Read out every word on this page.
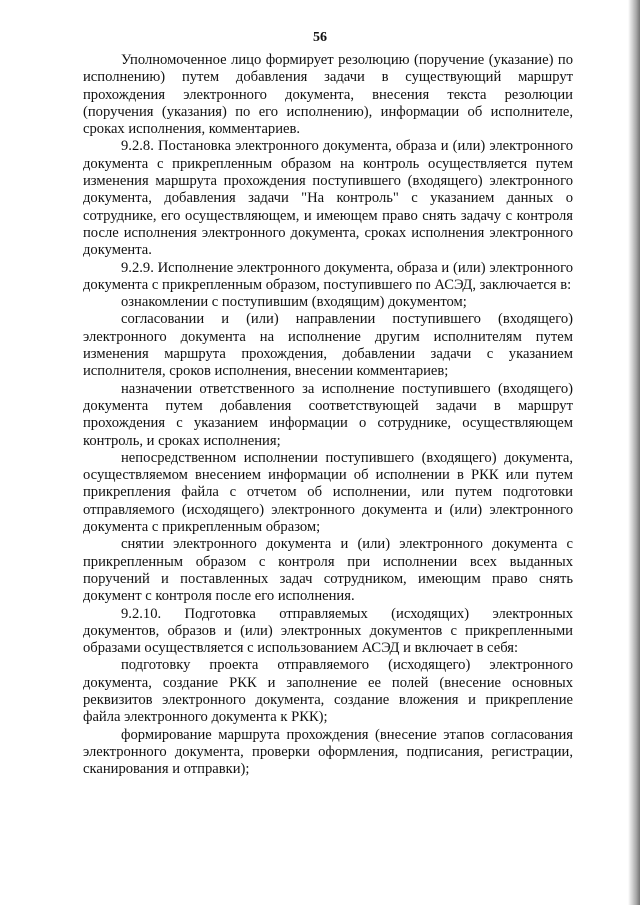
56

Уполномоченное лицо формирует резолюцию (поручение (указание) по исполнению) путем добавления задачи в существующий маршрут прохождения электронного документа, внесения текста резолюции (поручения (указания) по его исполнению), информации об исполнителе, сроках исполнения, комментариев.

9.2.8. Постановка электронного документа, образа и (или) электронного документа с прикрепленным образом на контроль осуществляется путем изменения маршрута прохождения поступившего (входящего) электронного документа, добавления задачи "На контроль" с указанием данных о сотруднике, его осуществляющем, и имеющем право снять задачу с контроля после исполнения электронного документа, сроках исполнения электронного документа.

9.2.9. Исполнение электронного документа, образа и (или) электронного документа с прикрепленным образом, поступившего по АСЭД, заключается в:

ознакомлении с поступившим (входящим) документом;

согласовании и (или) направлении поступившего (входящего) электронного документа на исполнение другим исполнителям путем изменения маршрута прохождения, добавлении задачи с указанием исполнителя, сроков исполнения, внесении комментариев;

назначении ответственного за исполнение поступившего (входящего) документа путем добавления соответствующей задачи в маршрут прохождения с указанием информации о сотруднике, осуществляющем контроль, и сроках исполнения;

непосредственном исполнении поступившего (входящего) документа, осуществляемом внесением информации об исполнении в РКК или путем прикрепления файла с отчетом об исполнении, или путем подготовки отправляемого (исходящего) электронного документа и (или) электронного документа с прикрепленным образом;

снятии электронного документа и (или) электронного документа с прикрепленным образом с контроля при исполнении всех выданных поручений и поставленных задач сотрудником, имеющим право снять документ с контроля после его исполнения.

9.2.10. Подготовка отправляемых (исходящих) электронных документов, образов и (или) электронных документов с прикрепленными образами осуществляется с использованием АСЭД и включает в себя:

подготовку проекта отправляемого (исходящего) электронного документа, создание РКК и заполнение ее полей (внесение основных реквизитов электронного документа, создание вложения и прикрепление файла электронного документа к РКК);

формирование маршрута прохождения (внесение этапов согласования электронного документа, проверки оформления, подписания, регистрации, сканирования и отправки);
